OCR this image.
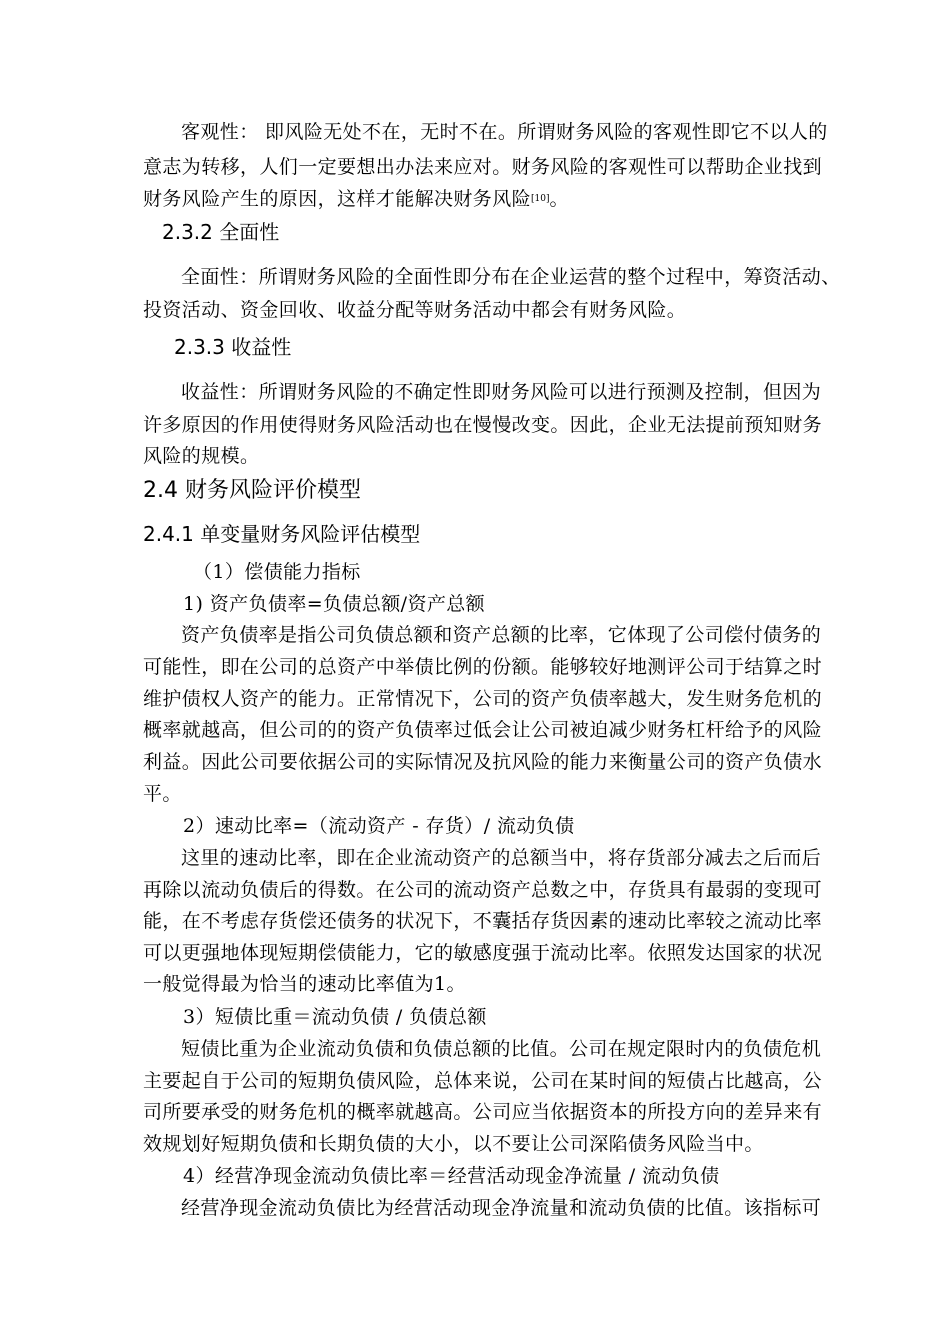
客观性： 即风险无处不在，无时不在。所谓财务风险的客观性即它不以人的
意志为转移，人们一定要想出办法来应对。财务风险的客观性可以帮助企业找到
财务风险产生的原因，这样才能解决财务风险[10]。
2.3.2 全面性
全面性：所谓财务风险的全面性即分布在企业运营的整个过程中，筹资活动、
投资活动、资金回收、收益分配等财务活动中都会有财务风险。
2.3.3 收益性
收益性：所谓财务风险的不确定性即财务风险可以进行预测及控制，但因为
许多原因的作用使得财务风险活动也在慢慢改变。因此，企业无法提前预知财务
风险的规模。
2.4 财务风险评价模型
2.4.1 单变量财务风险评估模型
（1）偿债能力指标
1) 资产负债率=负债总额/资产总额
资产负债率是指公司负债总额和资产总额的比率，它体现了公司偿付债务的
可能性，即在公司的总资产中举债比例的份额。能够较好地测评公司于结算之时
维护债权人资产的能力。正常情况下，公司的资产负债率越大，发生财务危机的
概率就越高，但公司的的资产负债率过低会让公司被迫减少财务杠杆给予的风险
利益。因此公司要依据公司的实际情况及抗风险的能力来衡量公司的资产负债水
平。
2）速动比率=（流动资产 - 存货）/ 流动负债
这里的速动比率，即在企业流动资产的总额当中，将存货部分减去之后而后
再除以流动负债后的得数。在公司的流动资产总数之中，存货具有最弱的变现可
能，在不考虑存货偿还债务的状况下，不囊括存货因素的速动比率较之流动比率
可以更强地体现短期偿债能力，它的敏感度强于流动比率。依照发达国家的状况
一般觉得最为恰当的速动比率值为1。
3）短债比重＝流动负债 / 负债总额
短债比重为企业流动负债和负债总额的比值。公司在规定限时内的负债危机
主要起自于公司的短期负债风险，总体来说，公司在某时间的短债占比越高，公
司所要承受的财务危机的概率就越高。公司应当依据资本的所投方向的差异来有
效规划好短期负债和长期负债的大小，以不要让公司深陷债务风险当中。
4）经营净现金流动负债比率＝经营活动现金净流量 / 流动负债
经营净现金流动负债比为经营活动现金净流量和流动负债的比值。该指标可
